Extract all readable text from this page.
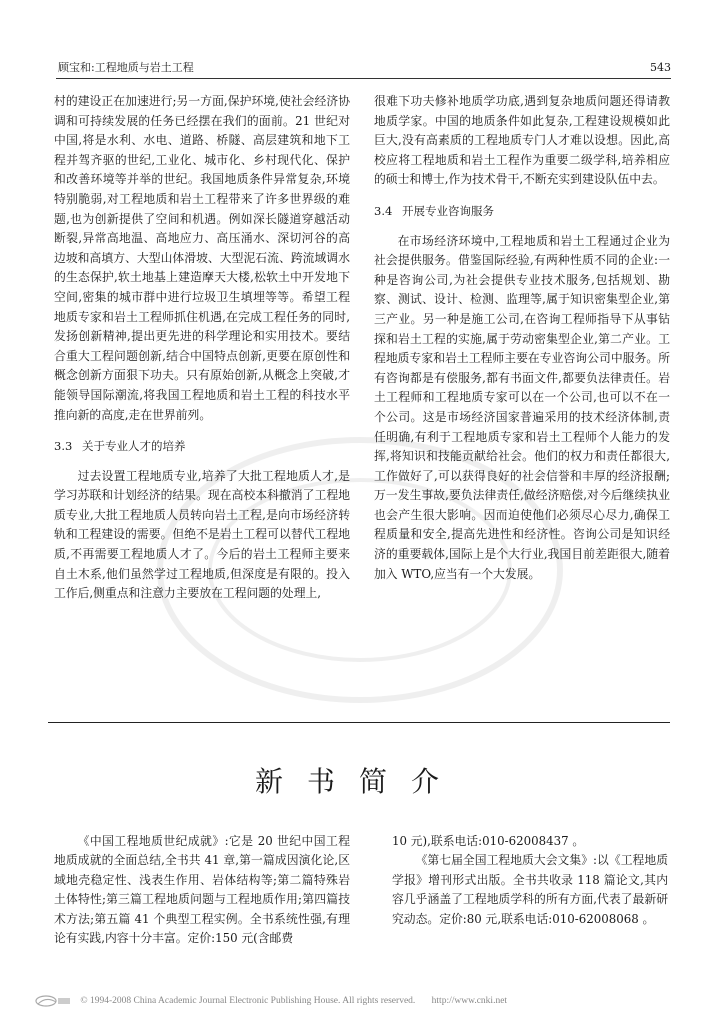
顾宝和:工程地质与岩土工程	543

村的建设正在加速进行;另一方面,保护环境,使社会经济协调和可持续发展的任务已经摆在我们的面前。21 世纪对中国,将是水利、水电、道路、桥隧、高层建筑和地下工程并驾齐驱的世纪,工业化、城市化、乡村现代化、保护和改善环境等并举的世纪。我国地质条件异常复杂,环境特别脆弱,对工程地质和岩土工程带来了许多世界级的难题,也为创新提供了空间和机遇。例如深长隧道穿越活动断裂,异常高地温、高地应力、高压涌水、深切河谷的高边坡和高填方、大型山体滑坡、大型泥石流、跨流域调水的生态保护,软土地基上建造摩天大楼,松软土中开发地下空间,密集的城市群中进行垃圾卫生填埋等等。希望工程地质专家和岩土工程师抓住机遇,在完成工程任务的同时,发扬创新精神,提出更先进的科学理论和实用技术。要结合重大工程问题创新,结合中国特点创新,更要在原创性和概念创新方面狠下功夫。只有原始创新,从概念上突破,才能领导国际潮流,将我国工程地质和岩土工程的科技水平推向新的高度,走在世界前列。

3.3 关于专业人才的培养

过去设置工程地质专业,培养了大批工程地质人才,是学习苏联和计划经济的结果。现在高校本科撤消了工程地质专业,大批工程地质人员转向岩土工程,是向市场经济转轨和工程建设的需要。但绝不是岩土工程可以替代工程地质,不再需要工程地质人才了。今后的岩土工程师主要来自土木系,他们虽然学过工程地质,但深度是有限的。投入工作后,侧重点和注意力主要放在工程问题的处理上,

很难下功夫修补地质学功底,遇到复杂地质问题还得请教地质学家。中国的地质条件如此复杂,工程建设规模如此巨大,没有高素质的工程地质专门人才难以设想。因此,高校应将工程地质和岩土工程作为重要二级学科,培养相应的硕士和博士,作为技术骨干,不断充实到建设队伍中去。

3.4 开展专业咨询服务

在市场经济环境中,工程地质和岩土工程通过企业为社会提供服务。借鉴国际经验,有两种性质不同的企业:一种是咨询公司,为社会提供专业技术服务,包括规划、勘察、测试、设计、检测、监理等,属于知识密集型企业,第三产业。另一种是施工公司,在咨询工程师指导下从事钻探和岩土工程的实施,属于劳动密集型企业,第二产业。工程地质专家和岩土工程师主要在专业咨询公司中服务。所有咨询都是有偿服务,都有书面文件,都要负法律责任。岩土工程师和工程地质专家可以在一个公司,也可以不在一个公司。这是市场经济国家普遍采用的技术经济体制,责任明确,有利于工程地质专家和岩土工程师个人能力的发挥,将知识和技能贡献给社会。他们的权力和责任都很大,工作做好了,可以获得良好的社会信誉和丰厚的经济报酬;万一发生事故,要负法律责任,做经济赔偿,对今后继续执业也会产生很大影响。因而迫使他们必须尽心尽力,确保工程质量和安全,提高先进性和经济性。咨询公司是知识经济的重要载体,国际上是个大行业,我国目前差距很大,随着加入 WTO,应当有一个大发展。

新书简介

《中国工程地质世纪成就》:它是 20 世纪中国工程地质成就的全面总结,全书共 41 章,第一篇成因演化论,区域地壳稳定性、浅表生作用、岩体结构等;第二篇特殊岩土体特性;第三篇工程地质问题与工程地质作用;第四篇技术方法;第五篇 41 个典型工程实例。全书系统性强,有理论有实践,内容十分丰富。定价:150 元(含邮费

10 元),联系电话:010-62008437 。

《第七届全国工程地质大会文集》:以《工程地质学报》增刊形式出版。全书共收录 118 篇论文,其内容几乎涵盖了工程地质学科的所有方面,代表了最新研究动态。定价:80 元,联系电话:010-62008068 。

© 1994-2008 China Academic Journal Electronic Publishing House. All rights reserved. http://www.cnki.net
